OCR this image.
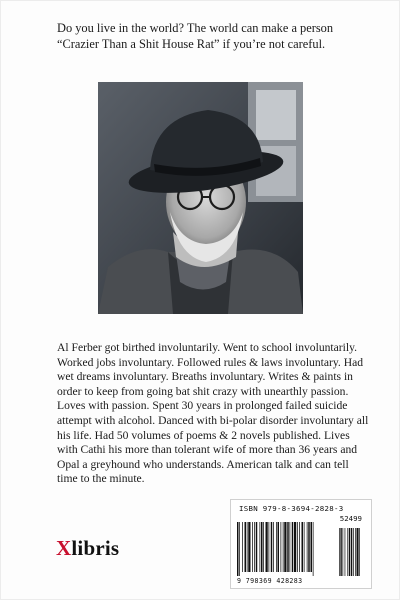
Do you live in the world? The world can make a person “Crazier Than a Shit House Rat” if you’re not careful.

Al Ferber got birthed involuntarily. Went to school involuntarily. Worked jobs involuntary. Followed rules & laws involuntary. Had wet dreams involuntary. Breaths involuntary. Writes & paints in order to keep from going bat shit crazy with unearthly passion. Loves with passion. Spent 30 years in prolonged failed suicide attempt with alcohol. Danced with bi-polar disorder involuntary all his life. Had 50 volumes of poems & 2 novels published. Lives with Cathi his more than tolerant wife of more than 36 years and Opal a greyhound who understands. American talk and can tell time to the minute.

Xlibris
ISBN 979-8-3694-2828-3
52499
9 798369 428283
